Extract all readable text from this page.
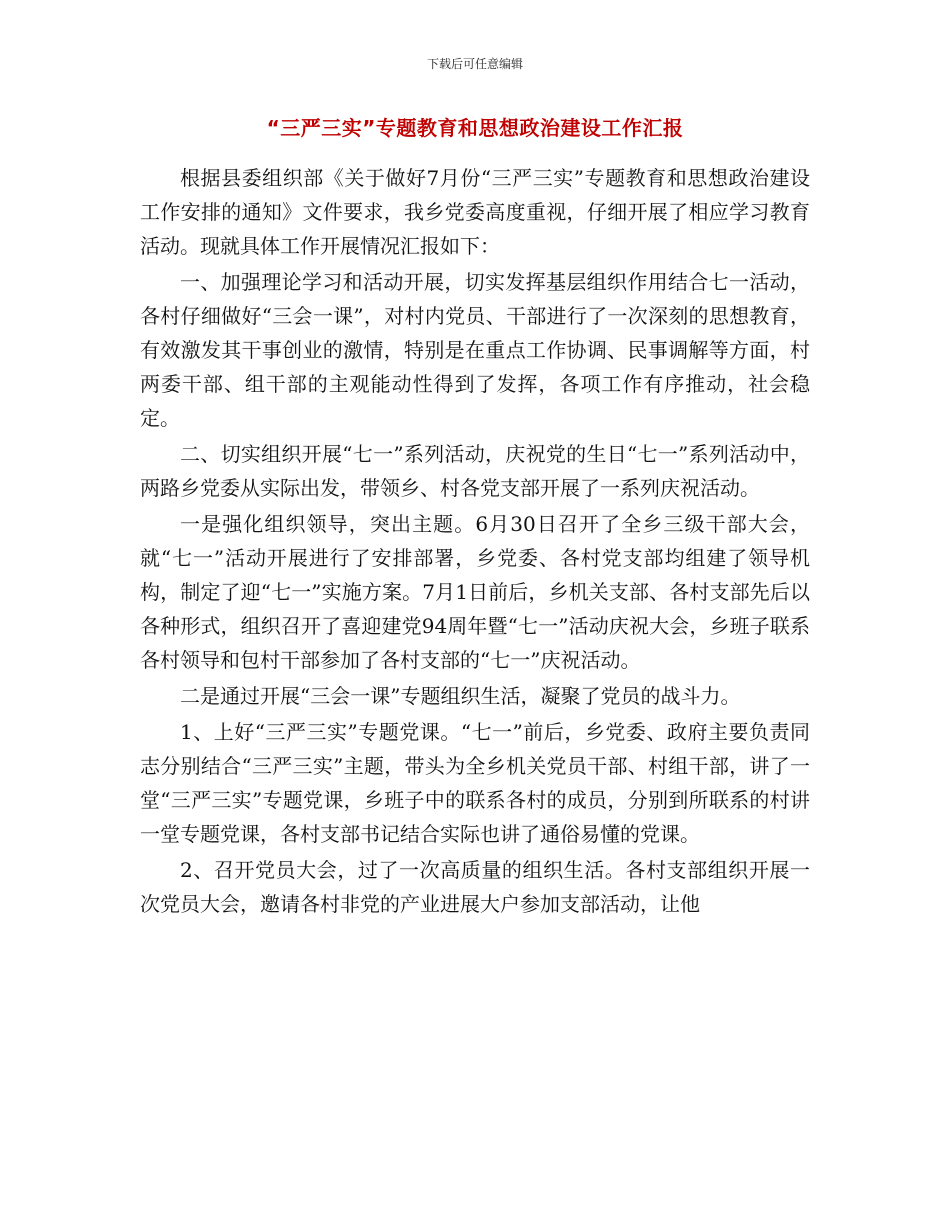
下载后可任意编辑
“三严三实”专题教育和思想政治建设工作汇报

根据县委组织部《关于做好7月份“三严三实”专题教育和思想政治建设工作安排的通知》文件要求，我乡党委高度重视，仔细开展了相应学习教育活动。现就具体工作开展情况汇报如下：

一、加强理论学习和活动开展，切实发挥基层组织作用结合七一活动，各村仔细做好“三会一课”，对村内党员、干部进行了一次深刻的思想教育，有效激发其干事创业的激情，特别是在重点工作协调、民事调解等方面，村两委干部、组干部的主观能动性得到了发挥，各项工作有序推动，社会稳定。

二、切实组织开展“七一”系列活动，庆祝党的生日“七一”系列活动中，两路乡党委从实际出发，带领乡、村各党支部开展了一系列庆祝活动。

一是强化组织领导，突出主题。6月30日召开了全乡三级干部大会，就“七一”活动开展进行了安排部署，乡党委、各村党支部均组建了领导机构，制定了迎“七一”实施方案。7月1日前后，乡机关支部、各村支部先后以各种形式，组织召开了喜迎建党94周年暨“七一”活动庆祝大会，乡班子联系各村领导和包村干部参加了各村支部的“七一”庆祝活动。

二是通过开展“三会一课”专题组织生活，凝聚了党员的战斗力。

1、上好“三严三实”专题党课。“七一”前后，乡党委、政府主要负责同志分别结合“三严三实”主题，带头为全乡机关党员干部、村组干部，讲了一堂“三严三实”专题党课，乡班子中的联系各村的成员，分别到所联系的村讲一堂专题党课，各村支部书记结合实际也讲了通俗易懂的党课。

2、召开党员大会，过了一次高质量的组织生活。各村支部组织开展一次党员大会，邀请各村非党的产业进展大户参加支部活动，让他
